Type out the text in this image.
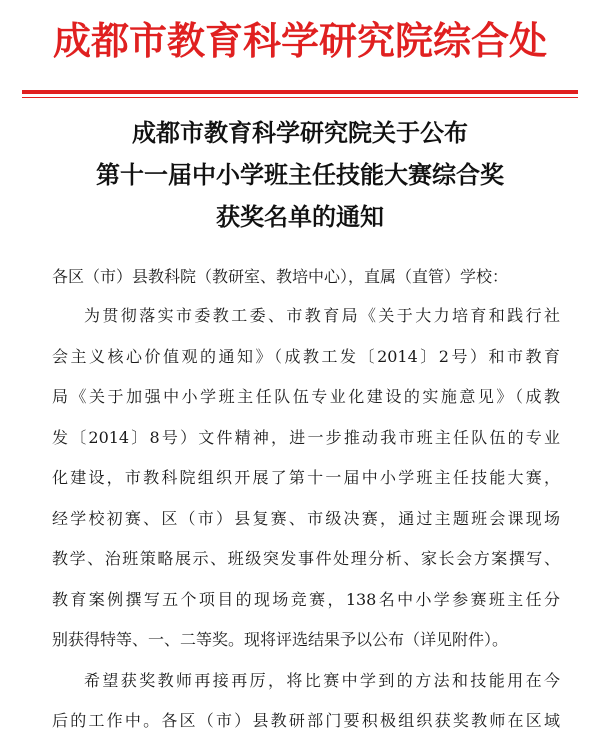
成都市教育科学研究院综合处
成都市教育科学研究院关于公布
第十一届中小学班主任技能大赛综合奖
获奖名单的通知
各区（市）县教科院（教研室、教培中心），直属（直管）学校：
为贯彻落实市委教工委、市教育局《关于大力培育和践行社
会主义核心价值观的通知》（成教工发〔2014〕2号）和市教育
局《关于加强中小学班主任队伍专业化建设的实施意见》（成教
发〔2014〕8号）文件精神，进一步推动我市班主任队伍的专业
化建设，市教科院组织开展了第十一届中小学班主任技能大赛，
经学校初赛、区（市）县复赛、市级决赛，通过主题班会课现场
教学、治班策略展示、班级突发事件处理分析、家长会方案撰写、
教育案例撰写五个项目的现场竞赛，138名中小学参赛班主任分
别获得特等、一、二等奖。现将评选结果予以公布（详见附件）。
希望获奖教师再接再厉，将比赛中学到的方法和技能用在今
后的工作中。各区（市）县教研部门要积极组织获奖教师在区域
